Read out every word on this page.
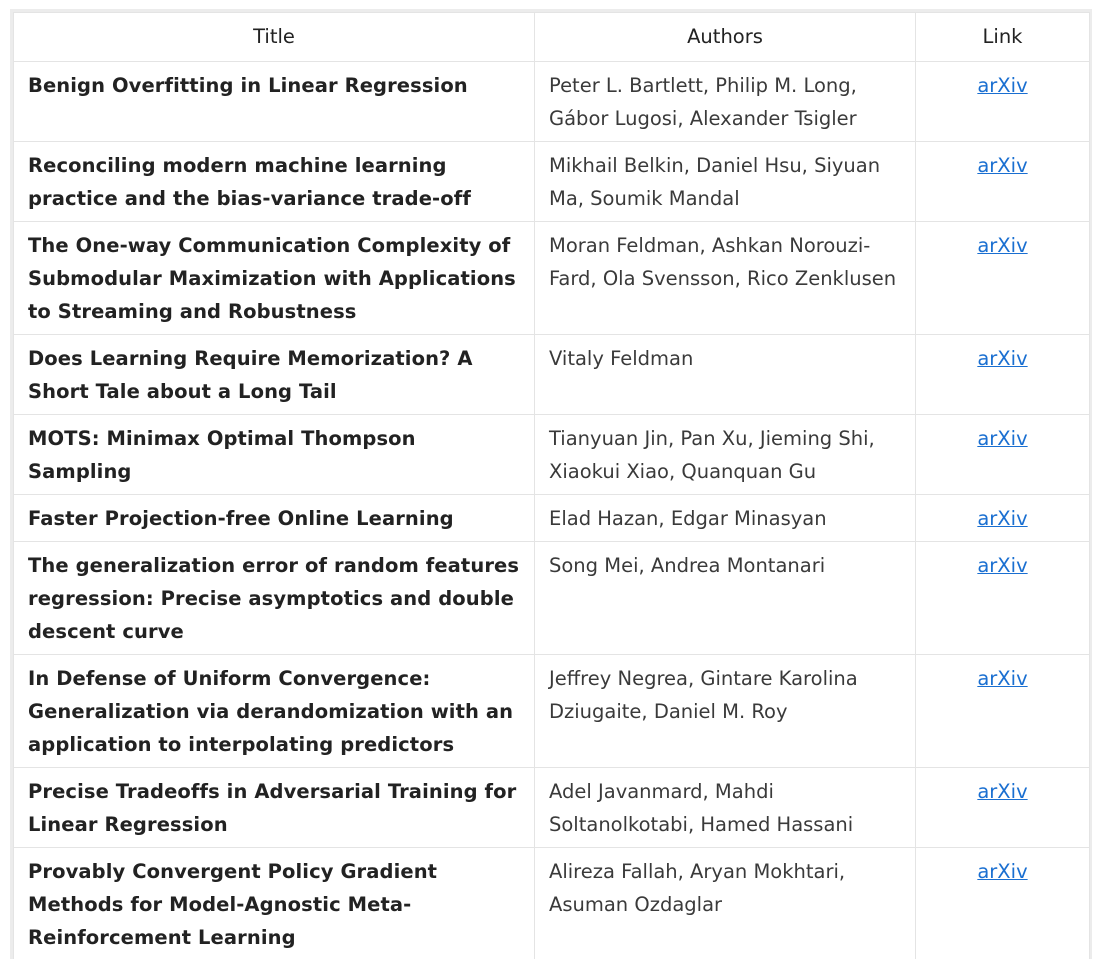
Title	Authors	Link
Benign Overfitting in Linear Regression	Peter L. Bartlett, Philip M. Long, Gábor Lugosi, Alexander Tsigler	arXiv
Reconciling modern machine learning practice and the bias-variance trade-off	Mikhail Belkin, Daniel Hsu, Siyuan Ma, Soumik Mandal	arXiv
The One-way Communication Complexity of Submodular Maximization with Applications to Streaming and Robustness	Moran Feldman, Ashkan Norouzi-Fard, Ola Svensson, Rico Zenklusen	arXiv
Does Learning Require Memorization? A Short Tale about a Long Tail	Vitaly Feldman	arXiv
MOTS: Minimax Optimal Thompson Sampling	Tianyuan Jin, Pan Xu, Jieming Shi, Xiaokui Xiao, Quanquan Gu	arXiv
Faster Projection-free Online Learning	Elad Hazan, Edgar Minasyan	arXiv
The generalization error of random features regression: Precise asymptotics and double descent curve	Song Mei, Andrea Montanari	arXiv
In Defense of Uniform Convergence: Generalization via derandomization with an application to interpolating predictors	Jeffrey Negrea, Gintare Karolina Dziugaite, Daniel M. Roy	arXiv
Precise Tradeoffs in Adversarial Training for Linear Regression	Adel Javanmard, Mahdi Soltanolkotabi, Hamed Hassani	arXiv
Provably Convergent Policy Gradient Methods for Model-Agnostic Meta-Reinforcement Learning	Alireza Fallah, Aryan Mokhtari, Asuman Ozdaglar	arXiv
